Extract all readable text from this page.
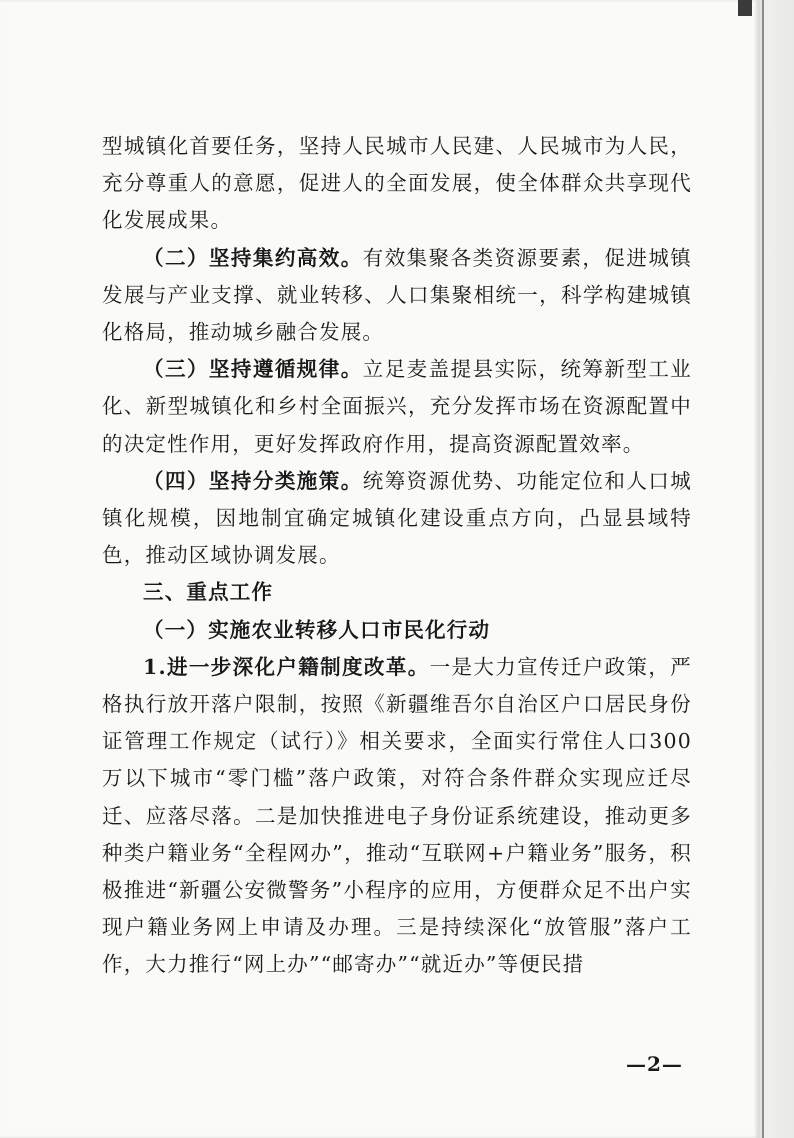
型城镇化首要任务，坚持人民城市人民建、人民城市为人民，充分尊重人的意愿，促进人的全面发展，使全体群众共享现代化发展成果。

（二）坚持集约高效。有效集聚各类资源要素，促进城镇发展与产业支撑、就业转移、人口集聚相统一，科学构建城镇化格局，推动城乡融合发展。

（三）坚持遵循规律。立足麦盖提县实际，统筹新型工业化、新型城镇化和乡村全面振兴，充分发挥市场在资源配置中的决定性作用，更好发挥政府作用，提高资源配置效率。

（四）坚持分类施策。统筹资源优势、功能定位和人口城镇化规模，因地制宜确定城镇化建设重点方向，凸显县域特色，推动区域协调发展。

三、重点工作

（一）实施农业转移人口市民化行动

1.进一步深化户籍制度改革。一是大力宣传迁户政策，严格执行放开落户限制，按照《新疆维吾尔自治区户口居民身份证管理工作规定（试行）》相关要求，全面实行常住人口300万以下城市“零门槛”落户政策，对符合条件群众实现应迁尽迁、应落尽落。二是加快推进电子身份证系统建设，推动更多种类户籍业务“全程网办”，推动“互联网+户籍业务”服务，积极推进“新疆公安微警务”小程序的应用，方便群众足不出户实现户籍业务网上申请及办理。三是持续深化“放管服”落户工作，大力推行“网上办”“邮寄办”“就近办”等便民措

—2—
